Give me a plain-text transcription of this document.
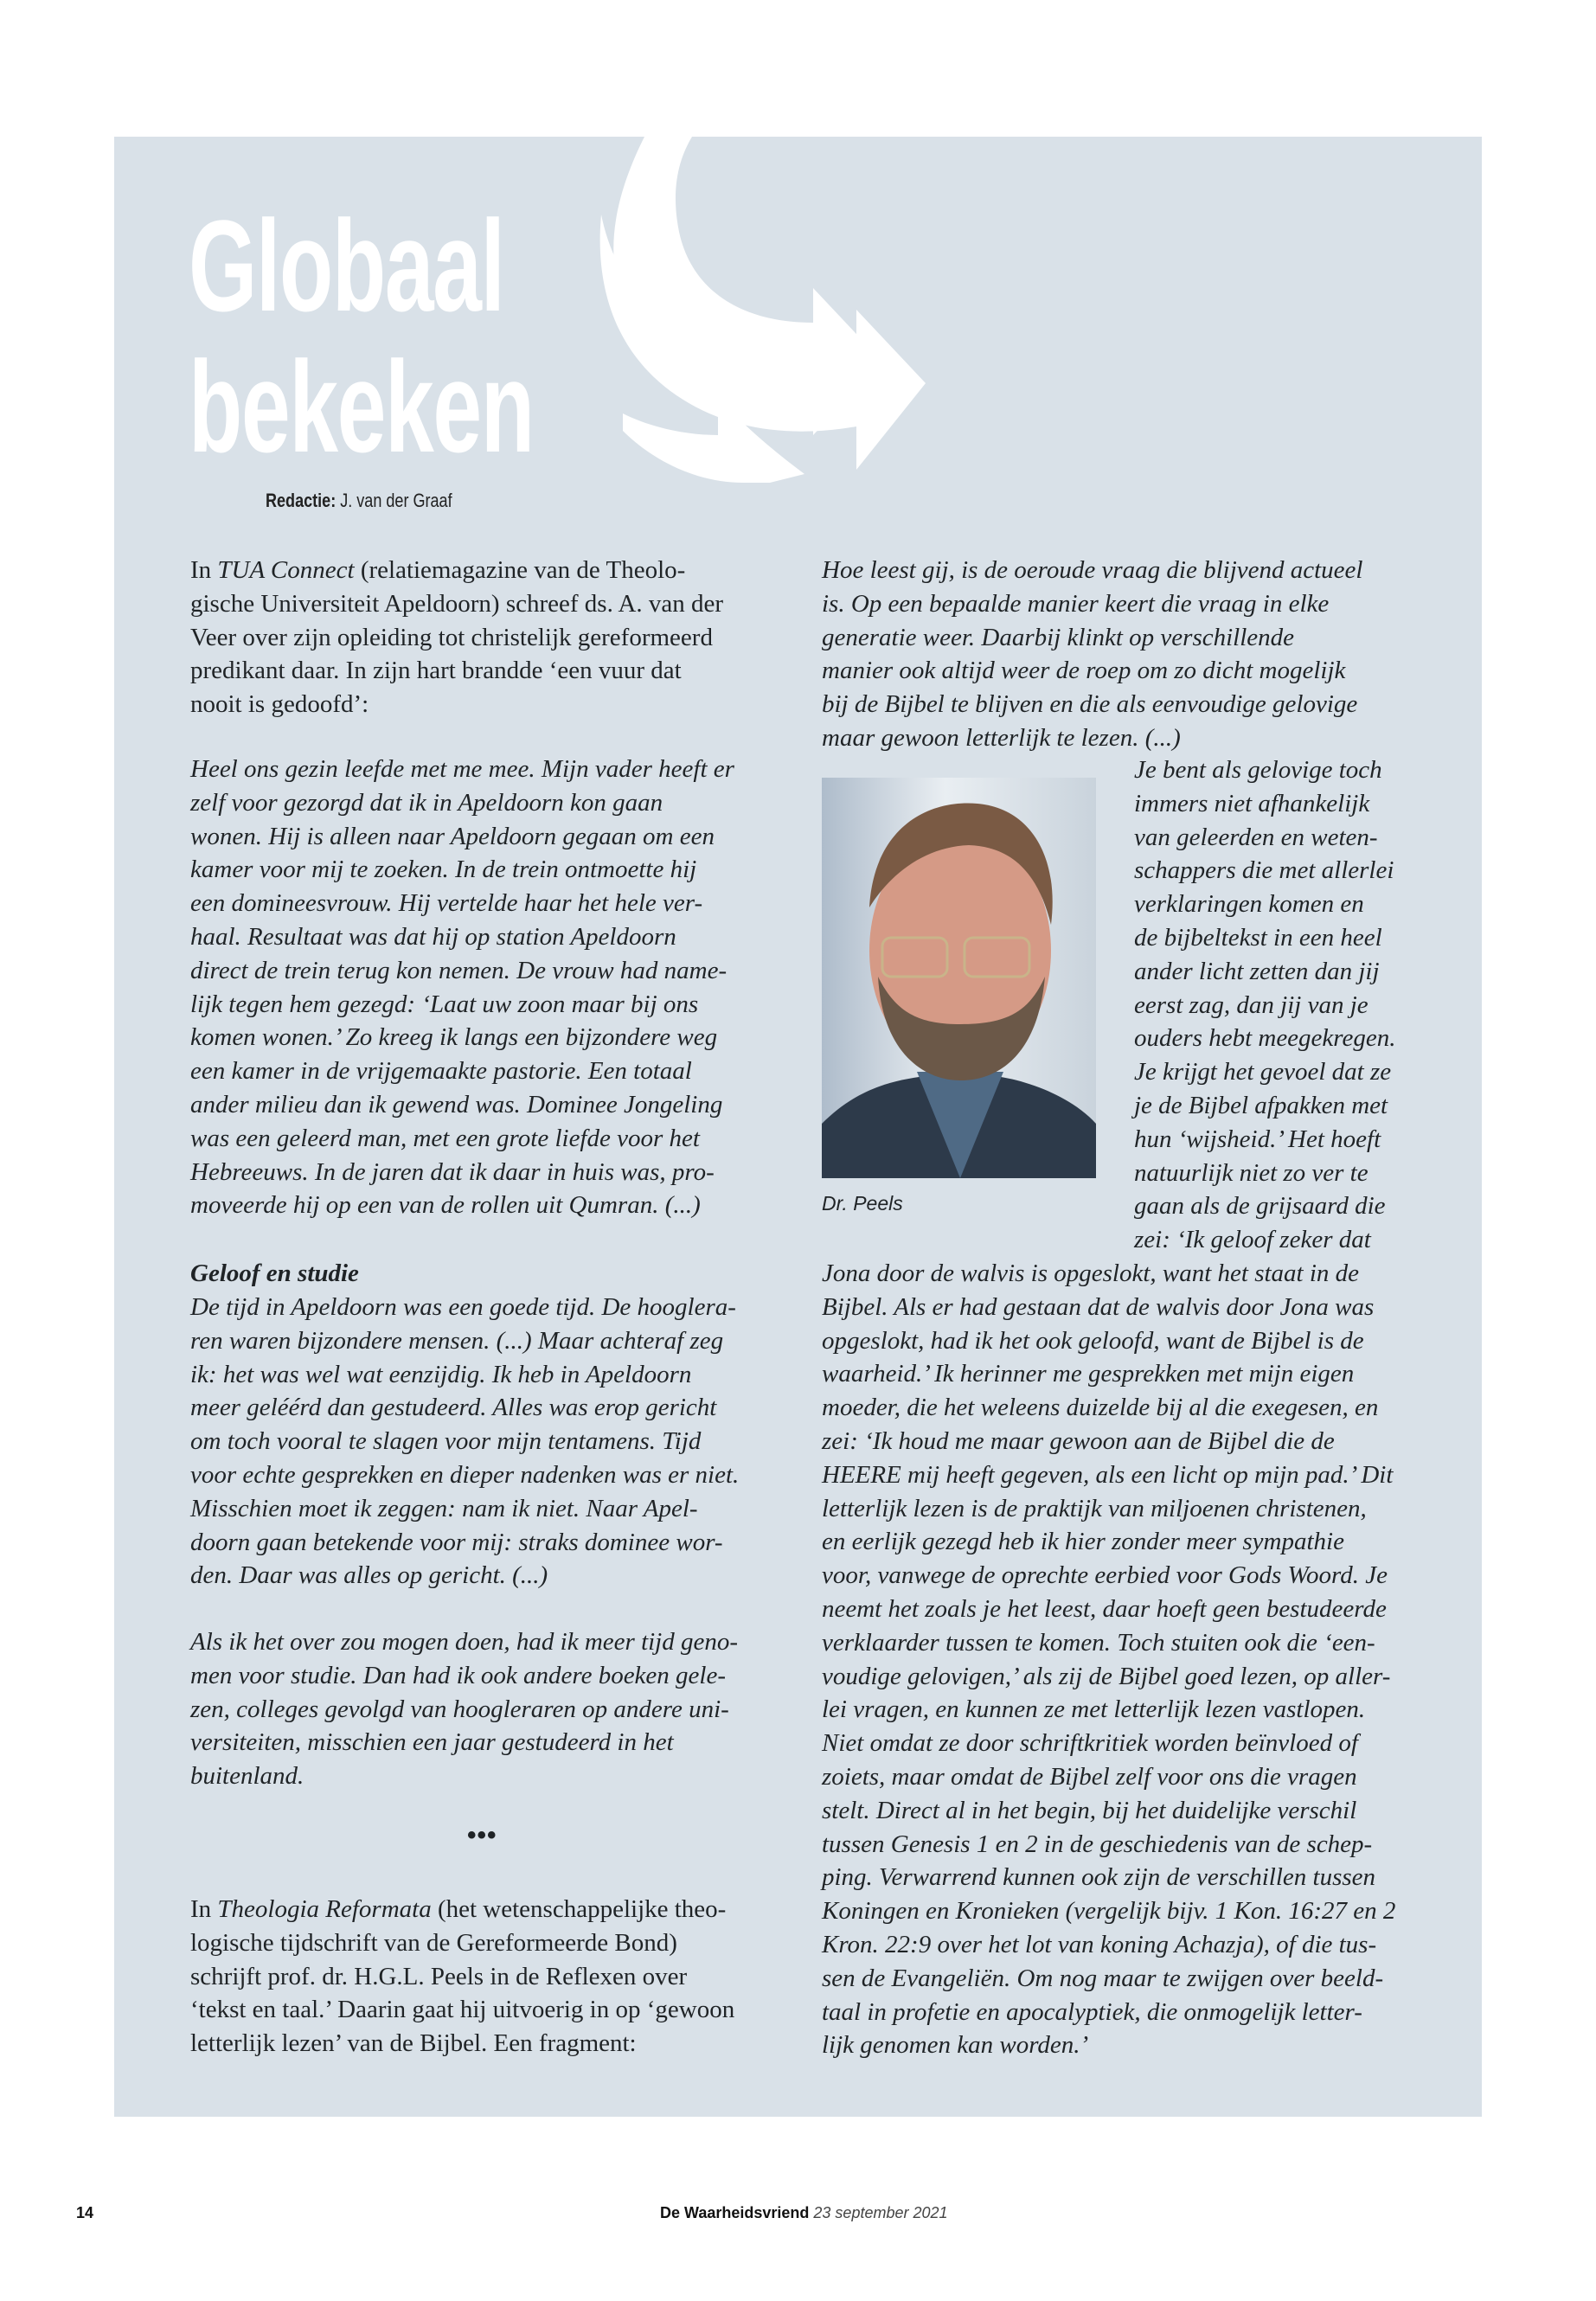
Globaal
bekeken
Redactie: J. van der Graaf
In TUA Connect (relatiemagazine van de Theolo-
gische Universiteit Apeldoorn) schreef ds. A. van der
Veer over zijn opleiding tot christelijk gereformeerd
predikant daar. In zijn hart brandde ‘een vuur dat
nooit is gedoofd’:
Heel ons gezin leefde met me mee. Mijn vader heeft er
zelf voor gezorgd dat ik in Apeldoorn kon gaan
wonen. Hij is alleen naar Apeldoorn gegaan om een
kamer voor mij te zoeken. In de trein ontmoette hij
een domineesvrouw. Hij vertelde haar het hele ver-
haal. Resultaat was dat hij op station Apeldoorn
direct de trein terug kon nemen. De vrouw had name-
lijk tegen hem gezegd: ‘Laat uw zoon maar bij ons
komen wonen.’ Zo kreeg ik langs een bijzondere weg
een kamer in de vrijgemaakte pastorie. Een totaal
ander milieu dan ik gewend was. Dominee Jongeling
was een geleerd man, met een grote liefde voor het
Hebreeuws. In de jaren dat ik daar in huis was, pro-
moveerde hij op een van de rollen uit Qumran. (...)
Geloof en studie
De tijd in Apeldoorn was een goede tijd. De hooglera-
ren waren bijzondere mensen. (...) Maar achteraf zeg
ik: het was wel wat eenzijdig. Ik heb in Apeldoorn
meer geléérd dan gestudeerd. Alles was erop gericht
om toch vooral te slagen voor mijn tentamens. Tijd
voor echte gesprekken en dieper nadenken was er niet.
Misschien moet ik zeggen: nam ik niet. Naar Apel-
doorn gaan betekende voor mij: straks dominee wor-
den. Daar was alles op gericht. (...)
Als ik het over zou mogen doen, had ik meer tijd geno-
men voor studie. Dan had ik ook andere boeken gele-
zen, colleges gevolgd van hoogleraren op andere uni-
versiteiten, misschien een jaar gestudeerd in het
buitenland.
•••
In Theologia Reformata (het wetenschappelijke theo-
logische tijdschrift van de Gereformeerde Bond)
schrijft prof. dr. H.G.L. Peels in de Reflexen over
‘tekst en taal.’ Daarin gaat hij uitvoerig in op ‘gewoon
letterlijk lezen’ van de Bijbel. Een fragment:
Hoe leest gij, is de oeroude vraag die blijvend actueel
is. Op een bepaalde manier keert die vraag in elke
generatie weer. Daarbij klinkt op verschillende
manier ook altijd weer de roep om zo dicht mogelijk
bij de Bijbel te blijven en die als eenvoudige gelovige
maar gewoon letterlijk te lezen. (...)
Dr. Peels
Je bent als gelovige toch
immers niet afhankelijk
van geleerden en weten-
schappers die met allerlei
verklaringen komen en
de bijbeltekst in een heel
ander licht zetten dan jij
eerst zag, dan jij van je
ouders hebt meegekregen.
Je krijgt het gevoel dat ze
je de Bijbel afpakken met
hun ‘wijsheid.’ Het hoeft
natuurlijk niet zo ver te
gaan als de grijsaard die
zei: ‘Ik geloof zeker dat
Jona door de walvis is opgeslokt, want het staat in de
Bijbel. Als er had gestaan dat de walvis door Jona was
opgeslokt, had ik het ook geloofd, want de Bijbel is de
waarheid.’ Ik herinner me gesprekken met mijn eigen
moeder, die het weleens duizelde bij al die exegesen, en
zei: ‘Ik houd me maar gewoon aan de Bijbel die de
HEERE mij heeft gegeven, als een licht op mijn pad.’ Dit
letterlijk lezen is de praktijk van miljoenen christenen,
en eerlijk gezegd heb ik hier zonder meer sympathie
voor, vanwege de oprechte eerbied voor Gods Woord. Je
neemt het zoals je het leest, daar hoeft geen bestudeerde
verklaarder tussen te komen. Toch stuiten ook die ‘een-
voudige gelovigen,’ als zij de Bijbel goed lezen, op aller-
lei vragen, en kunnen ze met letterlijk lezen vastlopen.
Niet omdat ze door schriftkritiek worden beïnvloed of
zoiets, maar omdat de Bijbel zelf voor ons die vragen
stelt. Direct al in het begin, bij het duidelijke verschil
tussen Genesis 1 en 2 in de geschiedenis van de schep-
ping. Verwarrend kunnen ook zijn de verschillen tussen
Koningen en Kronieken (vergelijk bijv. 1 Kon. 16:27 en 2
Kron. 22:9 over het lot van koning Achazja), of die tus-
sen de Evangeliën. Om nog maar te zwijgen over beeld-
taal in profetie en apocalyptiek, die onmogelijk letter-
lijk genomen kan worden.’
14	De Waarheidsvriend 23 september 2021
